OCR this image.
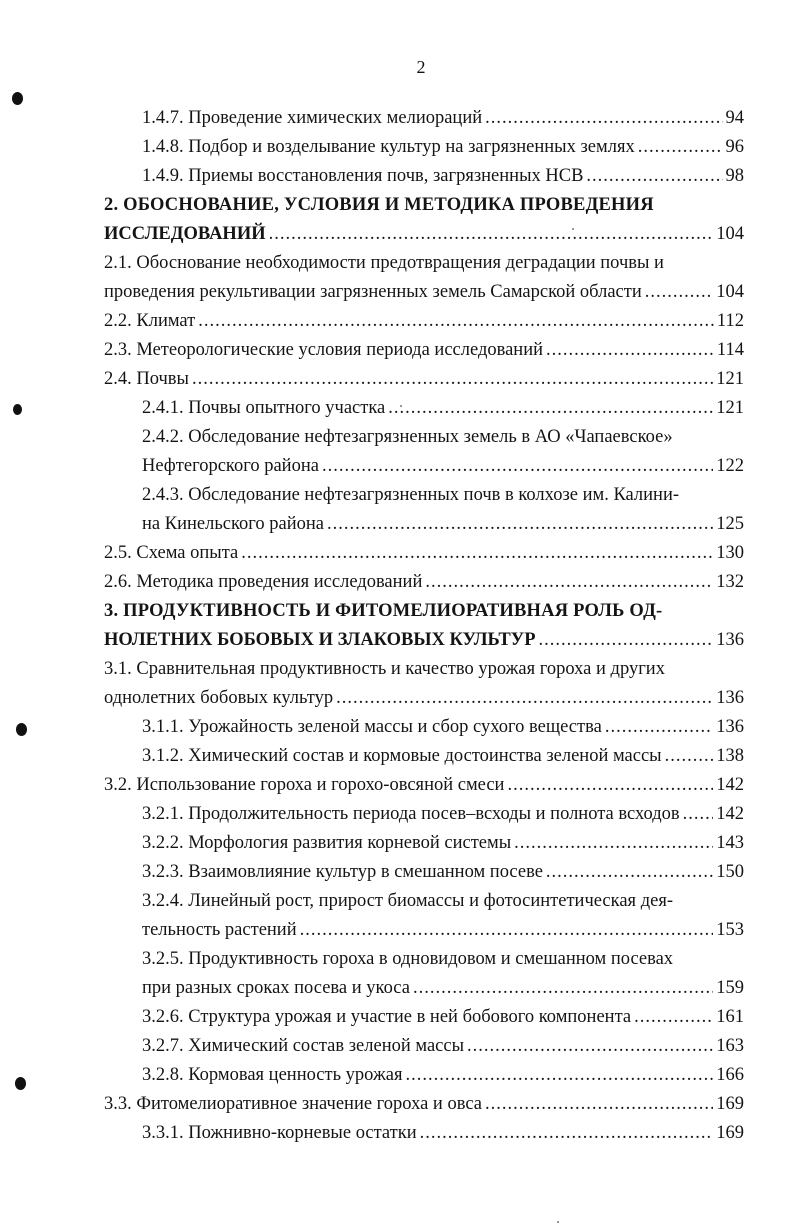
2
1.4.7. Проведение химических мелиораций .....	94
1.4.8. Подбор и возделывание культур на загрязненных землях .....	96
1.4.9. Приемы восстановления почв, загрязненных НСВ .....	98
2. ОБОСНОВАНИЕ, УСЛОВИЯ И МЕТОДИКА ПРОВЕДЕНИЯ
ИССЛЕДОВАНИЙ .....	104
2.1. Обоснование необходимости предотвращения деградации почвы и
проведения рекультивации загрязненных земель Самарской области .....	104
2.2. Климат .....	112
2.3. Метеорологические условия периода исследований .....	114
2.4. Почвы .....	121
2.4.1. Почвы опытного участка .....	121
2.4.2. Обследование нефтезагрязненных земель в АО «Чапаевское»
Нефтегорского района .....	122
2.4.3. Обследование нефтезагрязненных почв в колхозе им. Калини-
на Кинельского района .....	125
2.5. Схема опыта .....	130
2.6. Методика проведения исследований .....	132
3. ПРОДУКТИВНОСТЬ И ФИТОМЕЛИОРАТИВНАЯ РОЛЬ ОД-
НОЛЕТНИХ БОБОВЫХ И ЗЛАКОВЫХ КУЛЬТУР .....	136
3.1. Сравнительная продуктивность и качество урожая гороха и других
однолетних бобовых культур .....	136
3.1.1. Урожайность зеленой массы и сбор сухого вещества .....	136
3.1.2. Химический состав и кормовые достоинства зеленой массы .....	138
3.2. Использование гороха и горохо-овсяной смеси .....	142
3.2.1. Продолжительность периода посев–всходы и полнота всходов ..... 142
3.2.2. Морфология развития корневой системы .....	143
3.2.3. Взаимовлияние культур в смешанном посеве .....	150
3.2.4. Линейный рост, прирост биомассы и фотосинтетическая дея-
тельность растений .....	153
3.2.5. Продуктивность гороха в одновидовом и смешанном посевах
при разных сроках посева и укоса .....	159
3.2.6. Структура урожая и участие в ней бобового компонента .....	161
3.2.7. Химический состав зеленой массы .....	163
3.2.8. Кормовая ценность урожая .....	166
3.3. Фитомелиоративное значение гороха и овса .....	169
3.3.1. Пожнивно-корневые остатки .....	169
